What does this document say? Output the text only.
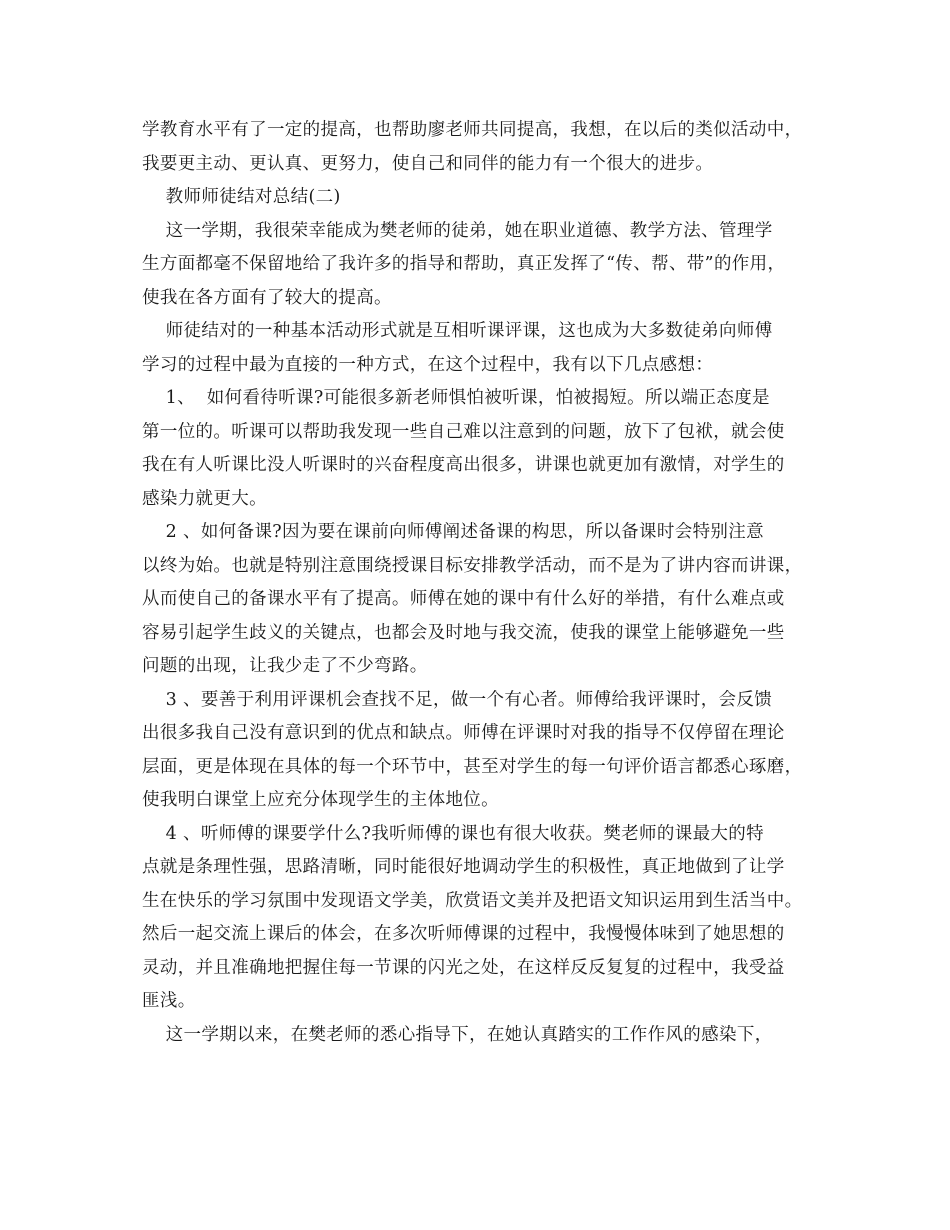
学教育水平有了一定的提高，也帮助廖老师共同提高，我想，在以后的类似活动中，
我要更主动、更认真、更努力，使自己和同伴的能力有一个很大的进步。
教师师徒结对总结(二)
这一学期，我很荣幸能成为樊老师的徒弟，她在职业道德、教学方法、管理学
生方面都毫不保留地给了我许多的指导和帮助，真正发挥了“传、帮、带”的作用，
使我在各方面有了较大的提高。
师徒结对的一种基本活动形式就是互相听课评课，这也成为大多数徒弟向师傅
学习的过程中最为直接的一种方式，在这个过程中，我有以下几点感想：
1、  如何看待听课?可能很多新老师惧怕被听课，怕被揭短。所以端正态度是
第一位的。听课可以帮助我发现一些自己难以注意到的问题，放下了包袱，就会使
我在有人听课比没人听课时的兴奋程度高出很多，讲课也就更加有激情，对学生的
感染力就更大。
2 、如何备课?因为要在课前向师傅阐述备课的构思，所以备课时会特别注意
以终为始。也就是特别注意围绕授课目标安排教学活动，而不是为了讲内容而讲课，
从而使自己的备课水平有了提高。师傅在她的课中有什么好的举措，有什么难点或
容易引起学生歧义的关键点，也都会及时地与我交流，使我的课堂上能够避免一些
问题的出现，让我少走了不少弯路。
3 、要善于利用评课机会查找不足，做一个有心者。师傅给我评课时，会反馈
出很多我自己没有意识到的优点和缺点。师傅在评课时对我的指导不仅停留在理论
层面，更是体现在具体的每一个环节中，甚至对学生的每一句评价语言都悉心琢磨，
使我明白课堂上应充分体现学生的主体地位。
4 、听师傅的课要学什么?我听师傅的课也有很大收获。樊老师的课最大的特
点就是条理性强，思路清晰，同时能很好地调动学生的积极性，真正地做到了让学
生在快乐的学习氛围中发现语文学美，欣赏语文美并及把语文知识运用到生活当中。
然后一起交流上课后的体会，在多次听师傅课的过程中，我慢慢体味到了她思想的
灵动，并且准确地把握住每一节课的闪光之处，在这样反反复复的过程中，我受益
匪浅。
这一学期以来，在樊老师的悉心指导下，在她认真踏实的工作作风的感染下，
